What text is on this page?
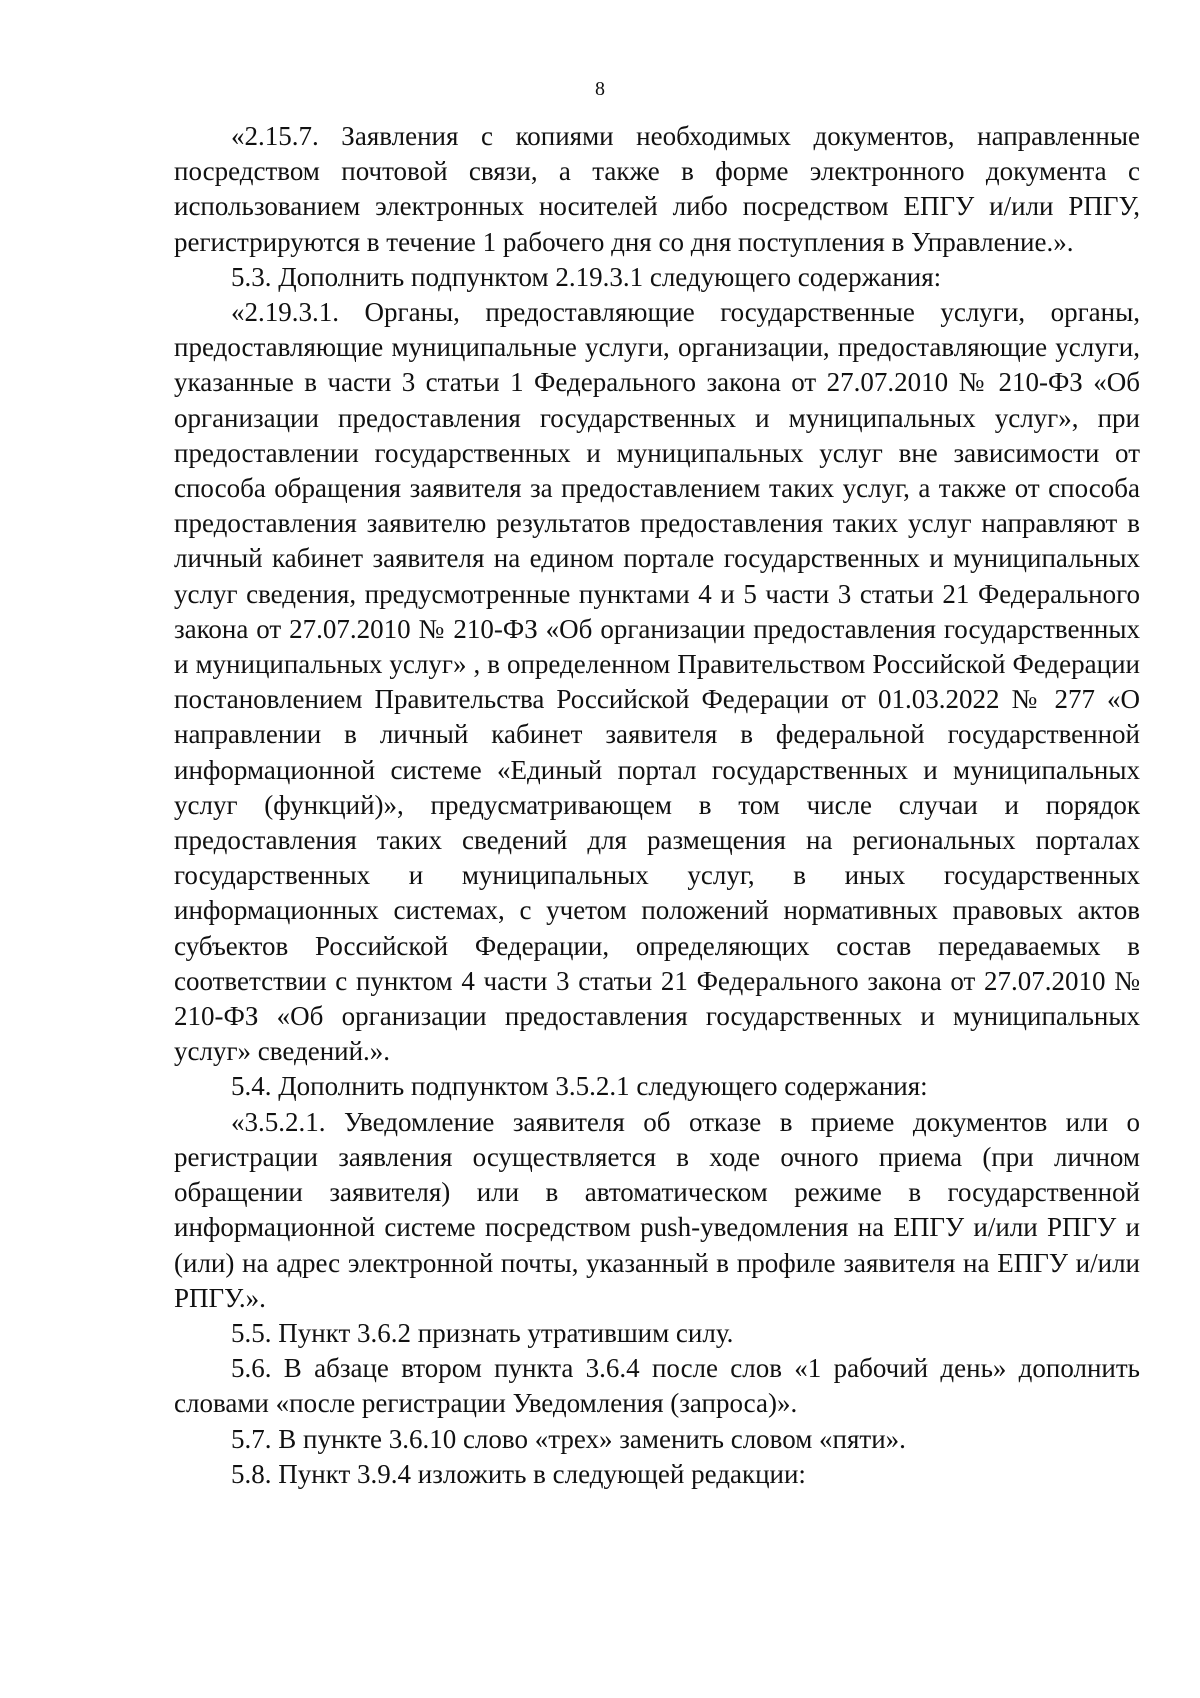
8

«2.15.7. Заявления с копиями необходимых документов, направленные посредством почтовой связи, а также в форме электронного документа с использованием электронных носителей либо посредством ЕПГУ и/или РПГУ, регистрируются в течение 1 рабочего дня со дня поступления в Управление.».

5.3. Дополнить подпунктом 2.19.3.1 следующего содержания:

«2.19.3.1. Органы, предоставляющие государственные услуги, органы, предоставляющие муниципальные услуги, организации, предоставляющие услуги, указанные в части 3 статьи 1 Федерального закона от 27.07.2010 № 210-ФЗ «Об организации предоставления государственных и муниципальных услуг», при предоставлении государственных и муниципальных услуг вне зависимости от способа обращения заявителя за предоставлением таких услуг, а также от способа предоставления заявителю результатов предоставления таких услуг направляют в личный кабинет заявителя на едином портале государственных и муниципальных услуг сведения, предусмотренные пунктами 4 и 5 части 3 статьи 21 Федерального закона от 27.07.2010 № 210-ФЗ «Об организации предоставления государственных и муниципальных услуг» , в определенном Правительством Российской Федерации постановлением Правительства Российской Федерации от 01.03.2022 № 277 «О направлении в личный кабинет заявителя в федеральной государственной информационной системе «Единый портал государственных и муниципальных услуг (функций)», предусматривающем в том числе случаи и порядок предоставления таких сведений для размещения на региональных порталах государственных и муниципальных услуг, в иных государственных информационных системах, с учетом положений нормативных правовых актов субъектов Российской Федерации, определяющих состав передаваемых в соответствии с пунктом 4 части 3 статьи 21 Федерального закона от 27.07.2010 № 210-ФЗ «Об организации предоставления государственных и муниципальных услуг» сведений.».

5.4. Дополнить подпунктом 3.5.2.1 следующего содержания:

«3.5.2.1. Уведомление заявителя об отказе в приеме документов или о регистрации заявления осуществляется в ходе очного приема (при личном обращении заявителя) или в автоматическом режиме в государственной информационной системе посредством push-уведомления на ЕПГУ и/или РПГУ и (или) на адрес электронной почты, указанный в профиле заявителя на ЕПГУ и/или РПГУ.».

5.5. Пункт 3.6.2 признать утратившим силу.

5.6. В абзаце втором пункта 3.6.4 после слов «1 рабочий день» дополнить словами «после регистрации Уведомления (запроса)».

5.7. В пункте 3.6.10 слово «трех» заменить словом «пяти».

5.8. Пункт 3.9.4 изложить в следующей редакции:
